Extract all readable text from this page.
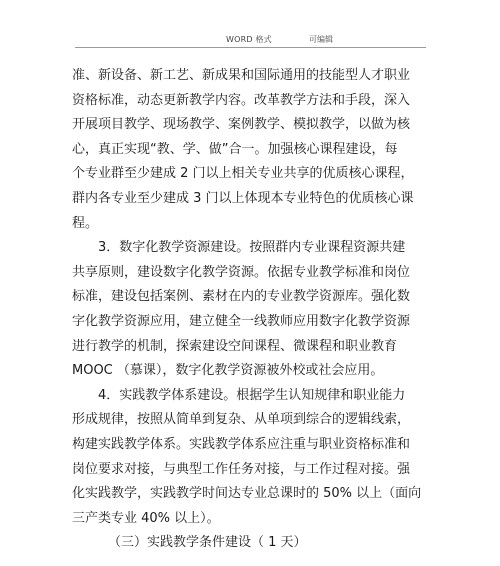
WORD 格式	可编辑
准、新设备、新工艺、新成果和国际通用的技能型人才职业
资格标准，动态更新教学内容。改革教学方法和手段，深入
开展项目教学、现场教学、案例教学、模拟教学，以做为核
心，真正实现“教、学、做”合一。加强核心课程建设，每
个专业群至少建成 2 门以上相关专业共享的优质核心课程，
群内各专业至少建成 3 门以上体现本专业特色的优质核心课
程。
3．数字化教学资源建设。按照群内专业课程资源共建
共享原则，建设数字化教学资源。依据专业教学标准和岗位
标准，建设包括案例、素材在内的专业教学资源库。强化数
字化教学资源应用，建立健全一线教师应用数字化教学资源
进行教学的机制，探索建设空间课程、微课程和职业教育
MOOC （慕课），数字化教学资源被外校或社会应用。
4．实践教学体系建设。根据学生认知规律和职业能力
形成规律，按照从简单到复杂、从单项到综合的逻辑线索，
构建实践教学体系。实践教学体系应注重与职业资格标准和
岗位要求对接，与典型工作任务对接，与工作过程对接。强
化实践教学，实践教学时间达专业总课时的 50% 以上（面向
三产类专业 40% 以上）。
（三）实践教学条件建设（ 1 天）
